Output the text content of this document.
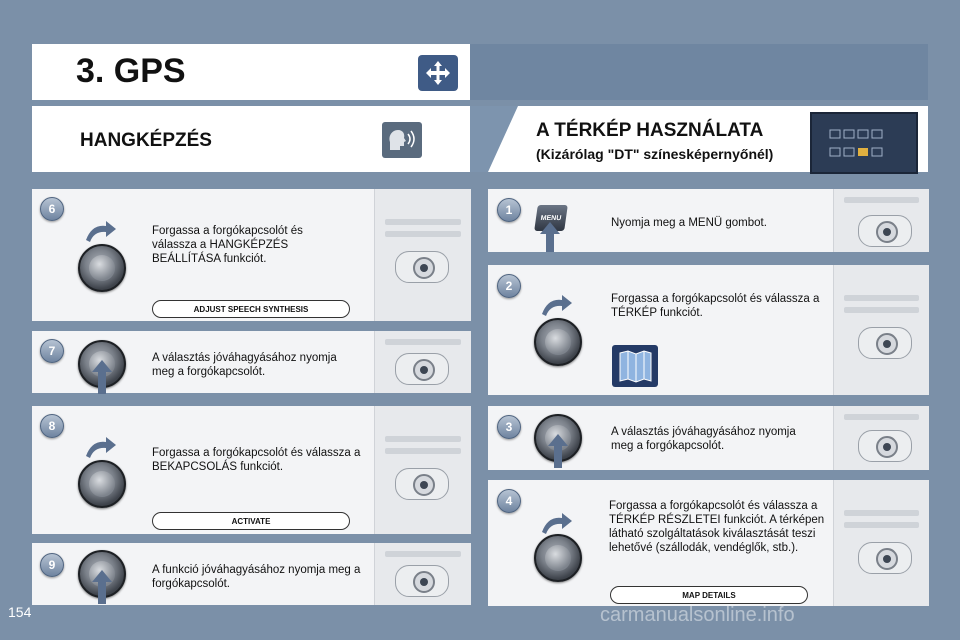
3. GPS
HANGKÉPZÉS	A TÉRKÉP HASZNÁLATA
(Kizárólag "DT" színesképernyőnél)
6
Forgassa a forgókapcsolót és válassza a HANGKÉPZÉS BEÁLLÍTÁSA funkciót.
ADJUST SPEECH SYNTHESIS
7	A választás jóváhagyásához nyomja meg a forgókapcsolót.
8
Forgassa a forgókapcsolót és válassza a BEKAPCSOLÁS funkciót.
ACTIVATE
9	A funkció jóváhagyásához nyomja meg a forgókapcsolót.
1
MENU	Nyomja meg a MENÜ gombot.
2
Forgassa a forgókapcsolót és válassza a TÉRKÉP funkciót.
3	A választás jóváhagyásához nyomja meg a forgókapcsolót.
4	Forgassa a forgókapcsolót és válassza a TÉRKÉP RÉSZLETEI funkciót. A térképen látható szolgáltatások kiválasztását teszi lehetővé (szállodák, vendéglők, stb.).
MAP DETAILS
154	carmanualsonline.info
